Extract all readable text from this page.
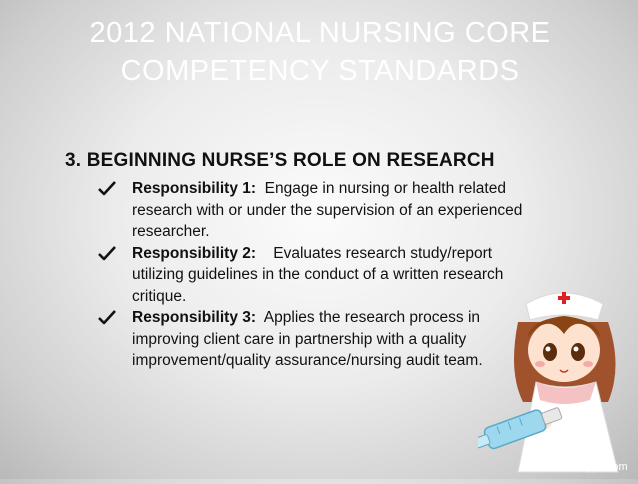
2012 NATIONAL NURSING CORE
COMPETENCY STANDARDS
3. BEGINNING NURSE’S ROLE ON RESEARCH
Responsibility 1: Engage in nursing or health related
research with or under the supervision of an experienced
researcher.
Responsibility 2: Evaluates research study/report
utilizing guidelines in the conduct of a written research
critique.
Responsibility 3: Applies the research process in
improving client care in partnership with a quality
improvement/quality assurance/nursing audit team.
fppt.com
